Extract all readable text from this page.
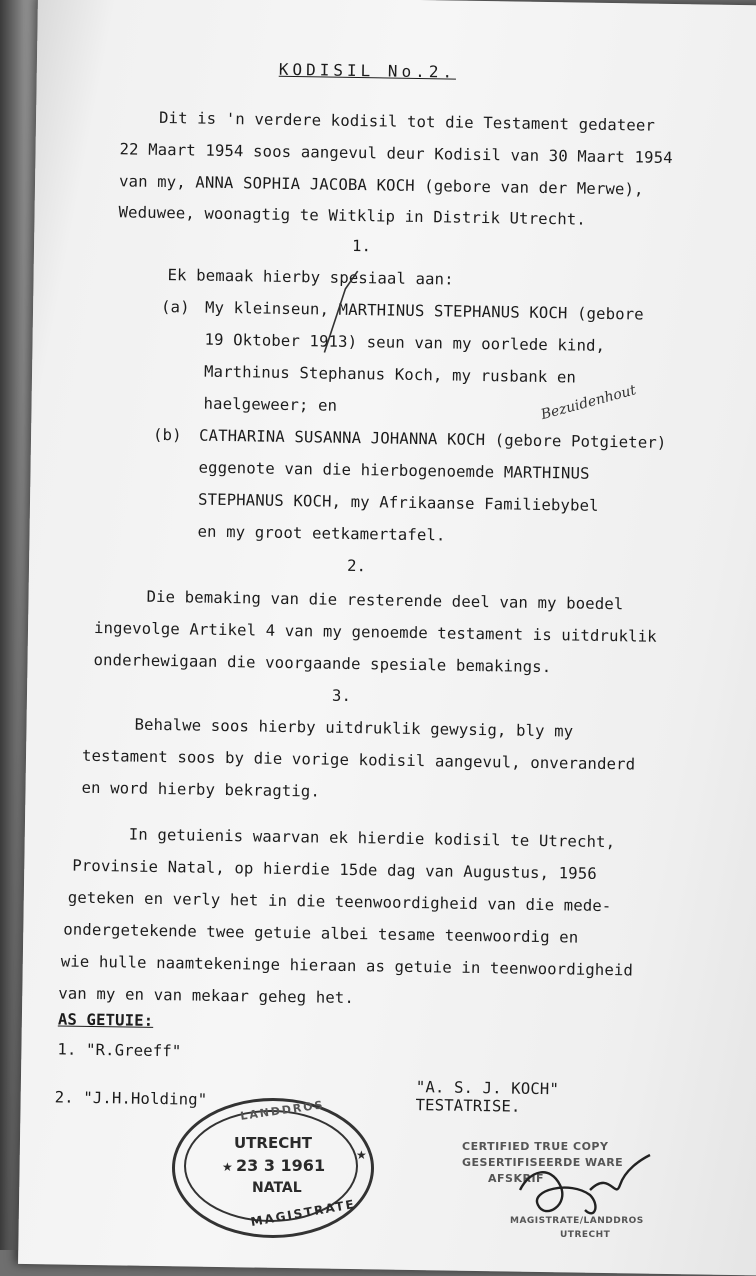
KODISIL No.2.
Dit is 'n verdere kodisil tot die Testament gedateer
22 Maart 1954 soos aangevul deur Kodisil van 30 Maart 1954
van my, ANNA SOPHIA JACOBA KOCH (gebore van der Merwe),
Weduwee, woonagtig te Witklip in Distrik Utrecht.
1.
Ek bemaak hierby spesiaal aan:
(a) My kleinseun, MARTHINUS STEPHANUS KOCH (gebore
19 Oktober 1913) seun van my oorlede kind,
Marthinus Stephanus Koch, my rusbank en
haelgeweer; en
(b) CATHARINA SUSANNA JOHANNA KOCH (gebore Potgieter)
eggenote van die hierbogenoemde MARTHINUS
STEPHANUS KOCH, my Afrikaanse Familiebybel
en my groot eetkamertafel.
Bezuidenhout
2.
Die bemaking van die resterende deel van my boedel
ingevolge Artikel 4 van my genoemde testament is uitdruklik
onderhewigaan die voorgaande spesiale bemakings.
3.
Behalwe soos hierby uitdruklik gewysig, bly my
testament soos by die vorige kodisil aangevul, onveranderd
en word hierby bekragtig.
In getuienis waarvan ek hierdie kodisil te Utrecht,
Provinsie Natal, op hierdie 15de dag van Augustus, 1956
geteken en verly het in die teenwoordigheid van die mede-
ondergetekende twee getuie albei tesame teenwoordig en
wie hulle naamtekeninge hieraan as getuie in teenwoordigheid
van my en van mekaar geheg het.
AS GETUIE:
1. "R.Greeff"
2. "J.H.Holding"
"A. S. J. KOCH"
TESTATRISE.
LANDDROS
UTRECHT
23 3 1961
NATAL
MAGISTRATE
★
★
CERTIFIED TRUE COPY
GESERTIFISEERDE WARE
AFSKRIF
MAGISTRATE/LANDDROS
UTRECHT
